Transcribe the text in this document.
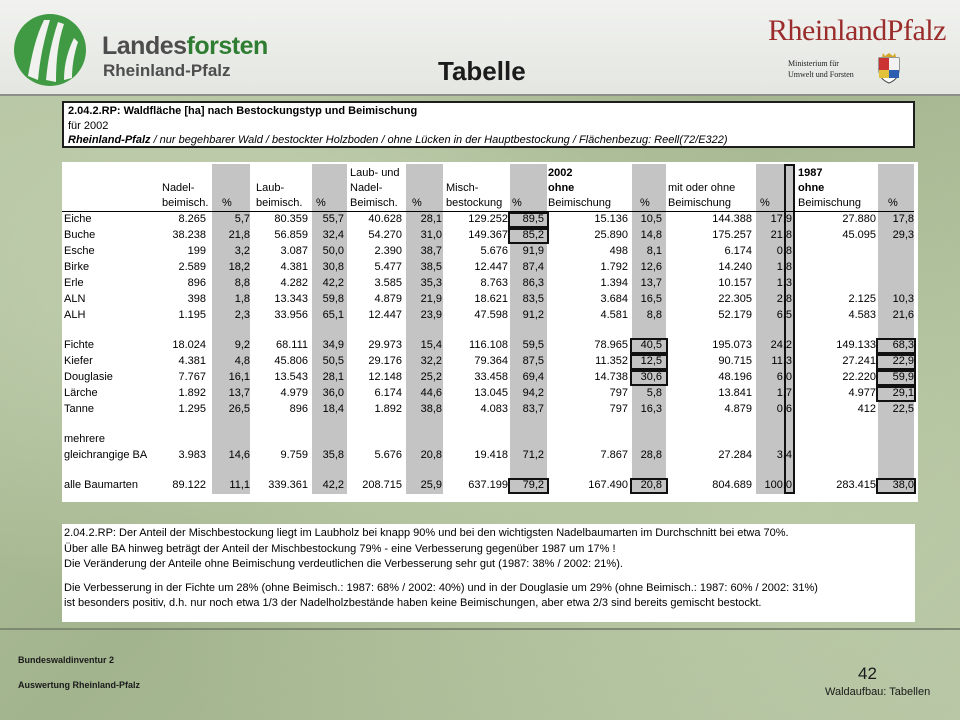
Landesforsten
Rheinland-Pfalz	Tabelle
RheinlandPfalz
Ministerium für
Umwelt und Forsten
2.04.2.RP: Waldfläche [ha] nach Bestockungstyp und Beimischung
für 2002
Rheinland-Pfalz / nur begehbarer Wald / bestockter Holzboden / ohne Lücken in der Hauptbestockung / Flächenbezug: Reell(72/E322)
Nadel-
beimisch. %
Laub-
beimisch. %
Laub- und
Nadel-
Beimisch. %
Misch-
bestockung %
2002
ohne
Beimischung	%
mit oder ohne
Beimischung	%
1987
ohne
Beimischung %
Eiche	8.265	5,7	80.359	55,7	40.628	28,1	129.252	89,5	15.136	10,5	144.388	17,9	27.880	17,8
Buche	38.238	21,8	56.859	32,4	54.270	31,0	149.367	85,2	25.890	14,8	175.257	21,8	45.095	29,3
Esche	199	3,2	3.087	50,0	2.390	38,7	5.676	91,9	498	8,1	6.174	0,8
Birke	2.589	18,2	4.381	30,8	5.477	38,5	12.447	87,4	1.792	12,6	14.240	1,8
Erle	896	8,8	4.282	42,2	3.585	35,3	8.763	86,3	1.394	13,7	10.157	1,3
ALN	398	1,8	13.343	59,8	4.879	21,9	18.621	83,5	3.684	16,5	22.305	2,8	2.125	10,3
ALH	1.195	2,3	33.956	65,1	12.447	23,9	47.598	91,2	4.581	8,8	52.179	6,5	4.583	21,6
Fichte	18.024	9,2	68.111	34,9	29.973	15,4	116.108	59,5	78.965	40,5	195.073	24,2	149.133	68,3
Kiefer	4.381	4,8	45.806	50,5	29.176	32,2	79.364	87,5	11.352	12,5	90.715	11,3	27.241	22,9
Douglasie	7.767	16,1	13.543	28,1	12.148	25,2	33.458	69,4	14.738	30,6	48.196	6,0	22.220	59,9
Lärche	1.892	13,7	4.979	36,0	6.174	44,6	13.045	94,2	797	5,8	13.841	1,7	4.977	29,1
Tanne	1.295	26,5	896	18,4	1.892	38,8	4.083	83,7	797	16,3	4.879	0,6	412	22,5
mehrere
gleichrangige BA	3.983	14,6	9.759	35,8	5.676	20,8	19.418	71,2	7.867	28,8	27.284	3,4
alle Baumarten	89.122	11,1	339.361	42,2	208.715	25,9	637.199	79,2	167.490	20,8	804.689	100,0	283.415	38,0
2.04.2.RP: Der Anteil der Mischbestockung liegt im Laubholz bei knapp 90% und bei den wichtigsten Nadelbaumarten im Durchschnitt bei etwa 70%.
Über alle BA hinweg beträgt der Anteil der Mischbestockung 79% - eine Verbesserung gegenüber 1987 um 17% !
Die Veränderung der Anteile ohne Beimischung verdeutlichen die Verbesserung sehr gut (1987: 38% / 2002: 21%).
Die Verbesserung in der Fichte um 28% (ohne Beimisch.: 1987: 68% / 2002: 40%) und in der Douglasie um 29% (ohne Beimisch.: 1987: 60% / 2002: 31%)
ist besonders positiv, d.h. nur noch etwa 1/3 der Nadelholzbestände haben keine Beimischungen, aber etwa 2/3 sind bereits gemischt bestockt.
Bundeswaldinventur 2
Auswertung Rheinland-Pfalz
42
Waldaufbau: Tabellen
